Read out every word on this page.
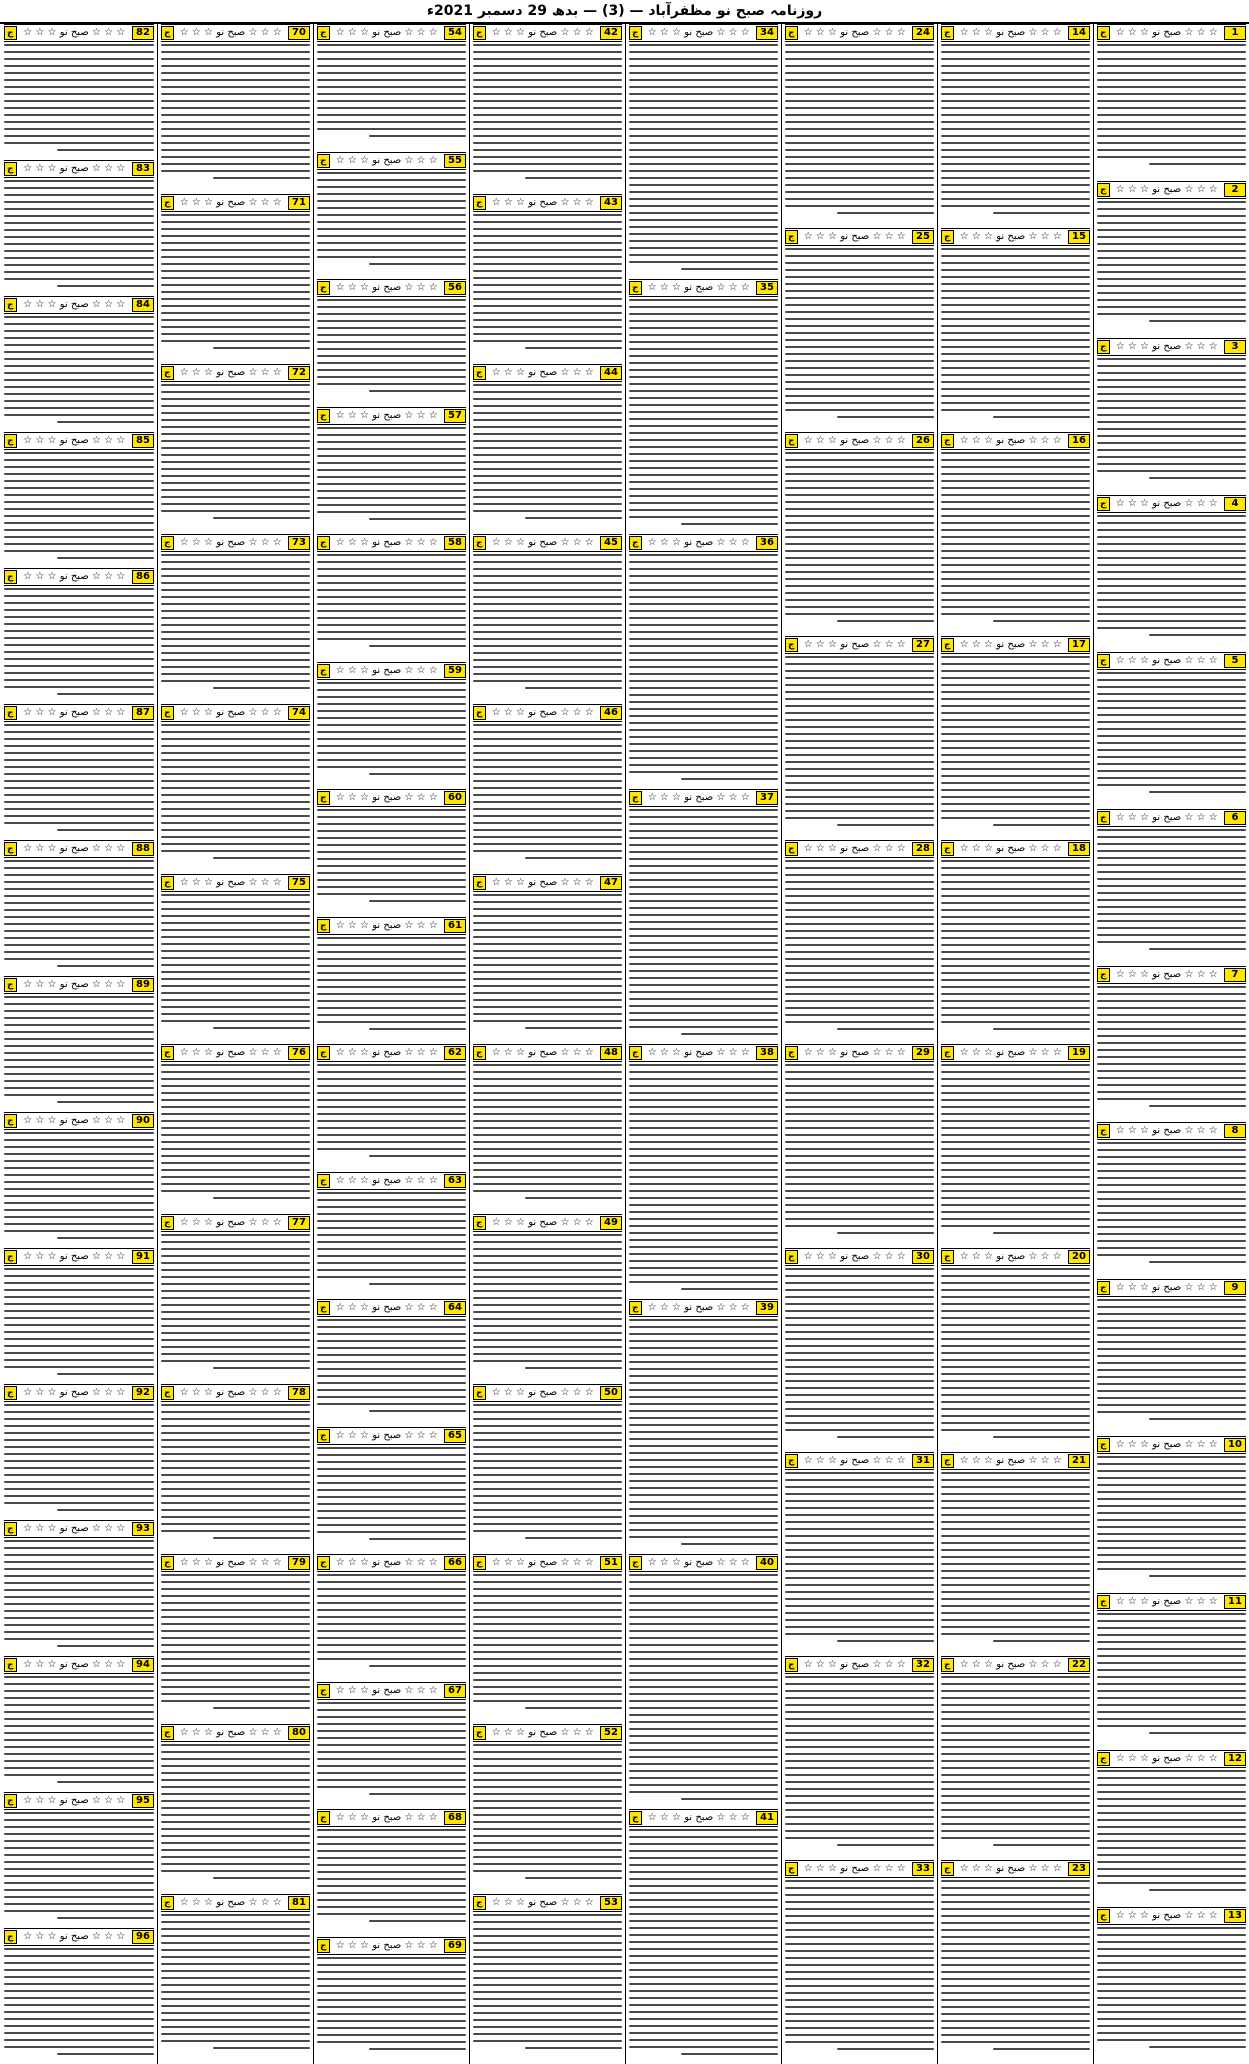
روزنامہ صبح نو مظفرآباد — (3) — بدھ 29 دسمبر 2021ء
1
☆ ☆ ☆ صبح نو ☆ ☆ ☆
ج
2
☆ ☆ ☆ صبح نو ☆ ☆ ☆
ج
3
☆ ☆ ☆ صبح نو ☆ ☆ ☆
ج
4
☆ ☆ ☆ صبح نو ☆ ☆ ☆
ج
5
☆ ☆ ☆ صبح نو ☆ ☆ ☆
ج
6
☆ ☆ ☆ صبح نو ☆ ☆ ☆
ج
7
☆ ☆ ☆ صبح نو ☆ ☆ ☆
ج
8
☆ ☆ ☆ صبح نو ☆ ☆ ☆
ج
9
☆ ☆ ☆ صبح نو ☆ ☆ ☆
ج
10
☆ ☆ ☆ صبح نو ☆ ☆ ☆
ج
11
☆ ☆ ☆ صبح نو ☆ ☆ ☆
ج
12
☆ ☆ ☆ صبح نو ☆ ☆ ☆
ج
13
☆ ☆ ☆ صبح نو ☆ ☆ ☆
ج
14
☆ ☆ ☆ صبح نو ☆ ☆ ☆
ج
15
☆ ☆ ☆ صبح نو ☆ ☆ ☆
ج
16
☆ ☆ ☆ صبح نو ☆ ☆ ☆
ج
17
☆ ☆ ☆ صبح نو ☆ ☆ ☆
ج
18
☆ ☆ ☆ صبح نو ☆ ☆ ☆
ج
19
☆ ☆ ☆ صبح نو ☆ ☆ ☆
ج
20
☆ ☆ ☆ صبح نو ☆ ☆ ☆
ج
21
☆ ☆ ☆ صبح نو ☆ ☆ ☆
ج
22
☆ ☆ ☆ صبح نو ☆ ☆ ☆
ج
23
☆ ☆ ☆ صبح نو ☆ ☆ ☆
ج
24
☆ ☆ ☆ صبح نو ☆ ☆ ☆
ج
25
☆ ☆ ☆ صبح نو ☆ ☆ ☆
ج
26
☆ ☆ ☆ صبح نو ☆ ☆ ☆
ج
27
☆ ☆ ☆ صبح نو ☆ ☆ ☆
ج
28
☆ ☆ ☆ صبح نو ☆ ☆ ☆
ج
29
☆ ☆ ☆ صبح نو ☆ ☆ ☆
ج
30
☆ ☆ ☆ صبح نو ☆ ☆ ☆
ج
31
☆ ☆ ☆ صبح نو ☆ ☆ ☆
ج
32
☆ ☆ ☆ صبح نو ☆ ☆ ☆
ج
33
☆ ☆ ☆ صبح نو ☆ ☆ ☆
ج
34
☆ ☆ ☆ صبح نو ☆ ☆ ☆
ج
35
☆ ☆ ☆ صبح نو ☆ ☆ ☆
ج
36
☆ ☆ ☆ صبح نو ☆ ☆ ☆
ج
37
☆ ☆ ☆ صبح نو ☆ ☆ ☆
ج
38
☆ ☆ ☆ صبح نو ☆ ☆ ☆
ج
39
☆ ☆ ☆ صبح نو ☆ ☆ ☆
ج
40
☆ ☆ ☆ صبح نو ☆ ☆ ☆
ج
41
☆ ☆ ☆ صبح نو ☆ ☆ ☆
ج
42
☆ ☆ ☆ صبح نو ☆ ☆ ☆
ج
43
☆ ☆ ☆ صبح نو ☆ ☆ ☆
ج
44
☆ ☆ ☆ صبح نو ☆ ☆ ☆
ج
45
☆ ☆ ☆ صبح نو ☆ ☆ ☆
ج
46
☆ ☆ ☆ صبح نو ☆ ☆ ☆
ج
47
☆ ☆ ☆ صبح نو ☆ ☆ ☆
ج
48
☆ ☆ ☆ صبح نو ☆ ☆ ☆
ج
49
☆ ☆ ☆ صبح نو ☆ ☆ ☆
ج
50
☆ ☆ ☆ صبح نو ☆ ☆ ☆
ج
51
☆ ☆ ☆ صبح نو ☆ ☆ ☆
ج
52
☆ ☆ ☆ صبح نو ☆ ☆ ☆
ج
53
☆ ☆ ☆ صبح نو ☆ ☆ ☆
ج
54
☆ ☆ ☆ صبح نو ☆ ☆ ☆
ج
55
☆ ☆ ☆ صبح نو ☆ ☆ ☆
ج
56
☆ ☆ ☆ صبح نو ☆ ☆ ☆
ج
57
☆ ☆ ☆ صبح نو ☆ ☆ ☆
ج
58
☆ ☆ ☆ صبح نو ☆ ☆ ☆
ج
59
☆ ☆ ☆ صبح نو ☆ ☆ ☆
ج
60
☆ ☆ ☆ صبح نو ☆ ☆ ☆
ج
61
☆ ☆ ☆ صبح نو ☆ ☆ ☆
ج
62
☆ ☆ ☆ صبح نو ☆ ☆ ☆
ج
63
☆ ☆ ☆ صبح نو ☆ ☆ ☆
ج
64
☆ ☆ ☆ صبح نو ☆ ☆ ☆
ج
65
☆ ☆ ☆ صبح نو ☆ ☆ ☆
ج
66
☆ ☆ ☆ صبح نو ☆ ☆ ☆
ج
67
☆ ☆ ☆ صبح نو ☆ ☆ ☆
ج
68
☆ ☆ ☆ صبح نو ☆ ☆ ☆
ج
69
☆ ☆ ☆ صبح نو ☆ ☆ ☆
ج
70
☆ ☆ ☆ صبح نو ☆ ☆ ☆
ج
71
☆ ☆ ☆ صبح نو ☆ ☆ ☆
ج
72
☆ ☆ ☆ صبح نو ☆ ☆ ☆
ج
73
☆ ☆ ☆ صبح نو ☆ ☆ ☆
ج
74
☆ ☆ ☆ صبح نو ☆ ☆ ☆
ج
75
☆ ☆ ☆ صبح نو ☆ ☆ ☆
ج
76
☆ ☆ ☆ صبح نو ☆ ☆ ☆
ج
77
☆ ☆ ☆ صبح نو ☆ ☆ ☆
ج
78
☆ ☆ ☆ صبح نو ☆ ☆ ☆
ج
79
☆ ☆ ☆ صبح نو ☆ ☆ ☆
ج
80
☆ ☆ ☆ صبح نو ☆ ☆ ☆
ج
81
☆ ☆ ☆ صبح نو ☆ ☆ ☆
ج
82
☆ ☆ ☆ صبح نو ☆ ☆ ☆
ج
83
☆ ☆ ☆ صبح نو ☆ ☆ ☆
ج
84
☆ ☆ ☆ صبح نو ☆ ☆ ☆
ج
85
☆ ☆ ☆ صبح نو ☆ ☆ ☆
ج
86
☆ ☆ ☆ صبح نو ☆ ☆ ☆
ج
87
☆ ☆ ☆ صبح نو ☆ ☆ ☆
ج
88
☆ ☆ ☆ صبح نو ☆ ☆ ☆
ج
89
☆ ☆ ☆ صبح نو ☆ ☆ ☆
ج
90
☆ ☆ ☆ صبح نو ☆ ☆ ☆
ج
91
☆ ☆ ☆ صبح نو ☆ ☆ ☆
ج
92
☆ ☆ ☆ صبح نو ☆ ☆ ☆
ج
93
☆ ☆ ☆ صبح نو ☆ ☆ ☆
ج
94
☆ ☆ ☆ صبح نو ☆ ☆ ☆
ج
95
☆ ☆ ☆ صبح نو ☆ ☆ ☆
ج
96
☆ ☆ ☆ صبح نو ☆ ☆ ☆
ج
